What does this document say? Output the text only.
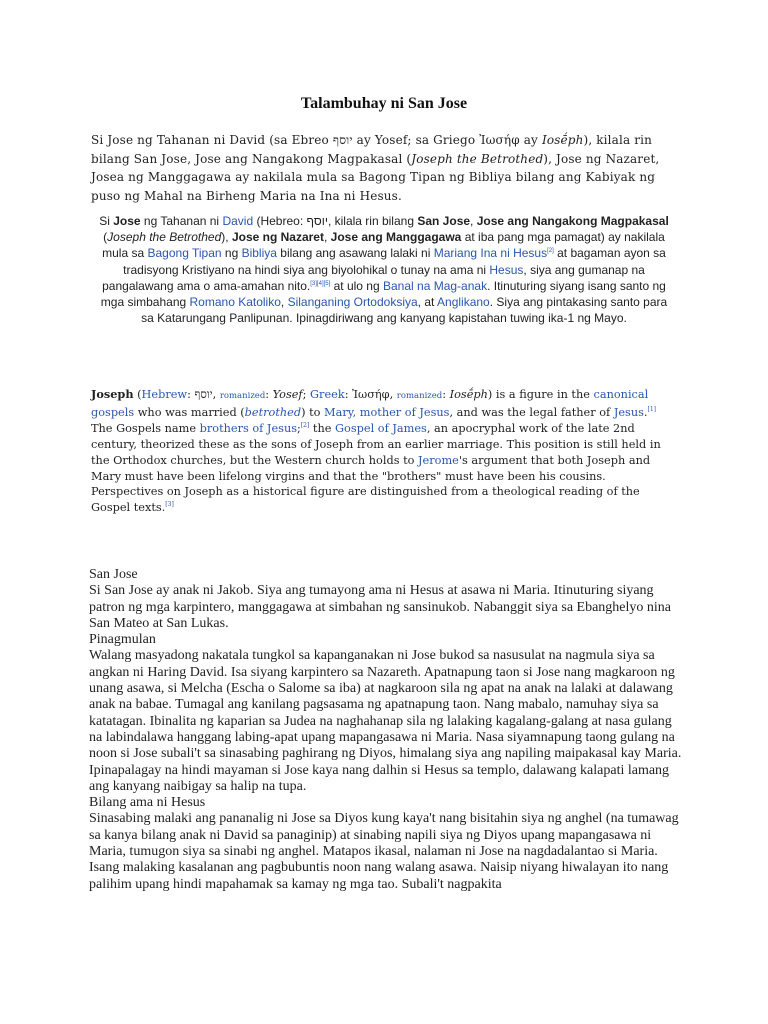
Talambuhay ni San Jose
Si Jose ng Tahanan ni David (sa Ebreo יוסף ay Yosef; sa Griego Ἰωσήφ ay Iosḗph), kilala rin bilang San Jose, Jose ang Nangakong Magpakasal (Joseph the Betrothed), Jose ng Nazaret, Josea ng Manggagawa ay nakilala mula sa Bagong Tipan ng Bibliya bilang ang Kabiyak ng puso ng Mahal na Birheng Maria na Ina ni Hesus.
Si Jose ng Tahanan ni David (Hebreo: יוסף, kilala rin bilang San Jose, Jose ang Nangakong Magpakasal (Joseph the Betrothed), Jose ng Nazaret, Jose ang Manggagawa at iba pang mga pamagat) ay nakilala mula sa Bagong Tipan ng Bibliya bilang ang asawang lalaki ni Mariang Ina ni Hesus[2] at bagaman ayon sa tradisyong Kristiyano na hindi siya ang biyolohikal o tunay na ama ni Hesus, siya ang gumanap na pangalawang ama o ama-amahan nito.[3][4][5] at ulo ng Banal na Mag-anak. Itinuturing siyang isang santo ng mga simbahang Romano Katoliko, Silanganing Ortodoksiya, at Anglikano. Siya ang pintakasing santo para sa Katarungang Panlipunan. Ipinagdiriwang ang kanyang kapistahan tuwing ika-1 ng Mayo.
Joseph (Hebrew: יוסף, romanized: Yosef; Greek: Ἰωσήφ, romanized: Iosḗph) is a figure in the canonical gospels who was married (betrothed) to Mary, mother of Jesus, and was the legal father of Jesus.[1] The Gospels name brothers of Jesus;[2] the Gospel of James, an apocryphal work of the late 2nd century, theorized these as the sons of Joseph from an earlier marriage. This position is still held in the Orthodox churches, but the Western church holds to Jerome's argument that both Joseph and Mary must have been lifelong virgins and that the "brothers" must have been his cousins. Perspectives on Joseph as a historical figure are distinguished from a theological reading of the Gospel texts.[3]

San Jose

Si San Jose ay anak ni Jakob. Siya ang tumayong ama ni Hesus at asawa ni Maria. Itinuturing siyang patron ng mga karpintero, manggagawa at simbahan ng sansinukob. Nabanggit siya sa Ebanghelyo nina San Mateo at San Lukas.

Pinagmulan

Walang masyadong nakatala tungkol sa kapanganakan ni Jose bukod sa nasusulat na nagmula siya sa angkan ni Haring David. Isa siyang karpintero sa Nazareth. Apatnapung taon si Jose nang magkaroon ng unang asawa, si Melcha (Escha o Salome sa iba) at nagkaroon sila ng apat na anak na lalaki at dalawang anak na babae. Tumagal ang kanilang pagsasama ng apatnapung taon. Nang mabalo, namuhay siya sa katatagan. Ibinalita ng kaparian sa Judea na naghahanap sila ng lalaking kagalang-galang at nasa gulang na labindalawa hanggang labing-apat upang mapangasawa ni Maria. Nasa siyamnapung taong gulang na noon si Jose subali't sa sinasabing paghirang ng Diyos, himalang siya ang napiling maipakasal kay Maria.

Ipinapalagay na hindi mayaman si Jose kaya nang dalhin si Hesus sa templo, dalawang kalapati lamang ang kanyang naibigay sa halip na tupa.

Bilang ama ni Hesus

Sinasabing malaki ang pananalig ni Jose sa Diyos kung kaya't nang bisitahin siya ng anghel (na tumawag sa kanya bilang anak ni David sa panaginip) at sinabing napili siya ng Diyos upang mapangasawa ni Maria, tumugon siya sa sinabi ng anghel. Matapos ikasal, nalaman ni Jose na nagdadalantao si Maria. Isang malaking kasalanan ang pagbubuntis noon nang walang asawa. Naisip niyang hiwalayan ito nang palihim upang hindi mapahamak sa kamay ng mga tao. Subali't nagpakita
